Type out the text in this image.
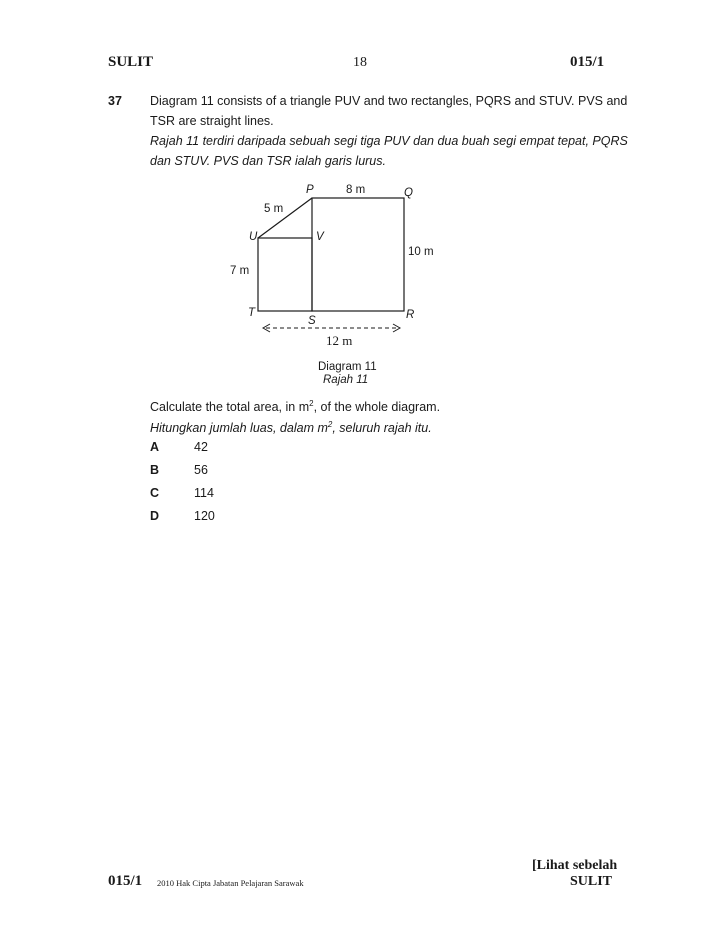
SULIT	18	015/1
37 Diagram 11 consists of a triangle PUV and two rectangles, PQRS and STUV. PVS and
TSR are straight lines.
Rajah 11 terdiri daripada sebuah segi tiga PUV dan dua buah segi empat tepat, PQRS
dan STUV. PVS dan TSR ialah garis lurus.
P	Q
R
S
T
U	V
8 m
5 m
10 m
7 m
12 m
Diagram 11
Rajah 11
Calculate the total area, in $m^2$, of the whole diagram.
Hitungkan jumlah luas, dalam $m^2$, seluruh rajah itu.
A	42
B	56
C	114
D	120
015/1 2010 Hak Cipta Jabatan Pelajaran Sarawak
[Lihat sebelah
SULIT
